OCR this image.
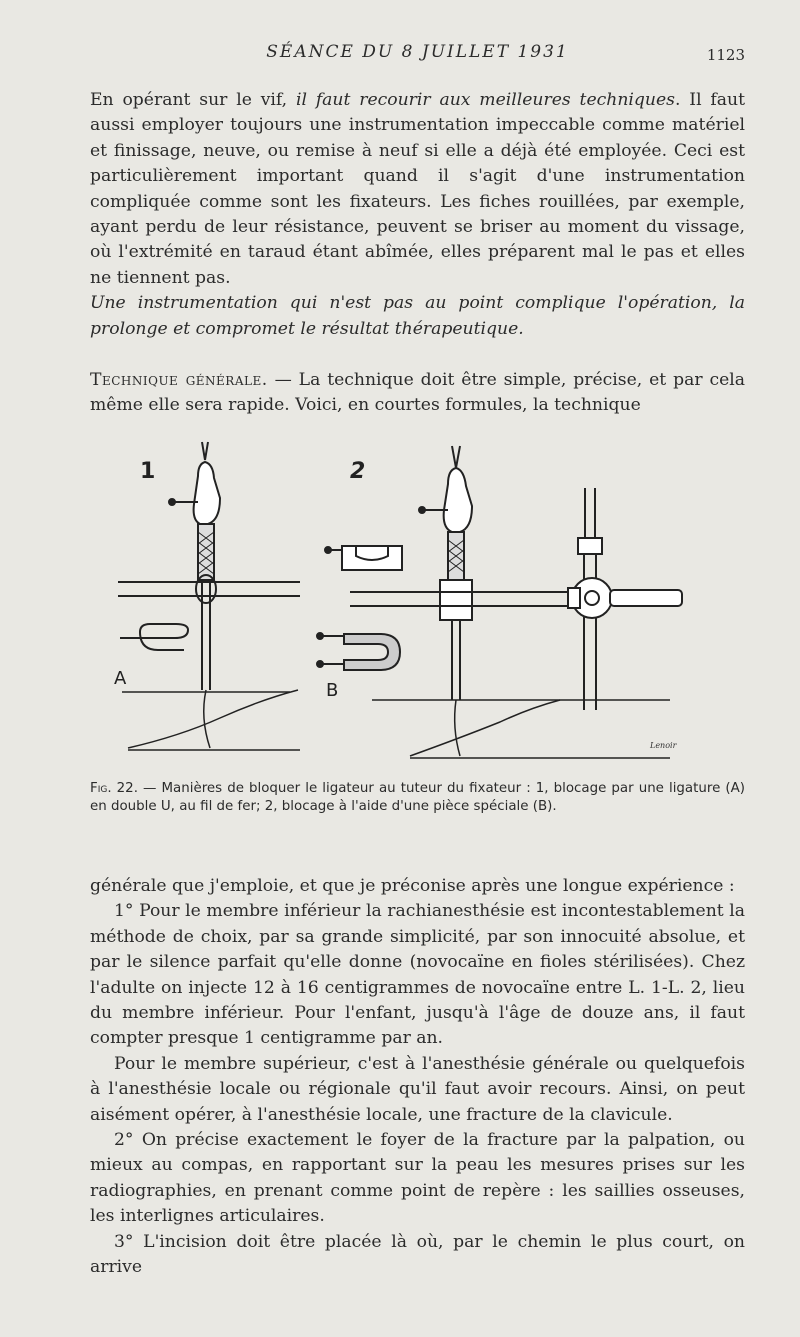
SÉANCE DU 8 JUILLET 1931	1123

En opérant sur le vif, il faut recourir aux meilleures techniques. Il faut aussi employer toujours une instrumentation impeccable comme matériel et finissage, neuve, ou remise à neuf si elle a déjà été employée. Ceci est particulièrement important quand il s'agit d'une instrumentation compliquée comme sont les fixateurs. Les fiches rouillées, par exemple, ayant perdu de leur résistance, peuvent se briser au moment du vissage, où l'extrémité en taraud étant abîmée, elles préparent mal le pas et elles ne tiennent pas.

Une instrumentation qui n'est pas au point complique l'opération, la prolonge et compromet le résultat thérapeutique.

Technique générale. — La technique doit être simple, précise, et par cela même elle sera rapide. Voici, en courtes formules, la technique

1
A
2
B
Lenoir
Fig. 22. — Manières de bloquer le ligateur au tuteur du fixateur : 1, blocage par une ligature (A) en double U, au fil de fer; 2, blocage à l'aide d'une pièce spéciale (B).

générale que j'emploie, et que je préconise après une longue expérience :

1° Pour le membre inférieur la rachianesthésie est incontestablement la méthode de choix, par sa grande simplicité, par son innocuité absolue, et par le silence parfait qu'elle donne (novocaïne en fioles stérilisées). Chez l'adulte on injecte 12 à 16 centigrammes de novocaïne entre L. 1-L. 2, lieu du membre inférieur. Pour l'enfant, jusqu'à l'âge de douze ans, il faut compter presque 1 centigramme par an.

Pour le membre supérieur, c'est à l'anesthésie générale ou quelquefois à l'anesthésie locale ou régionale qu'il faut avoir recours. Ainsi, on peut aisément opérer, à l'anesthésie locale, une fracture de la clavicule.

2° On précise exactement le foyer de la fracture par la palpation, ou mieux au compas, en rapportant sur la peau les mesures prises sur les radiographies, en prenant comme point de repère : les saillies osseuses, les interlignes articulaires.

3° L'incision doit être placée là où, par le chemin le plus court, on arrive
